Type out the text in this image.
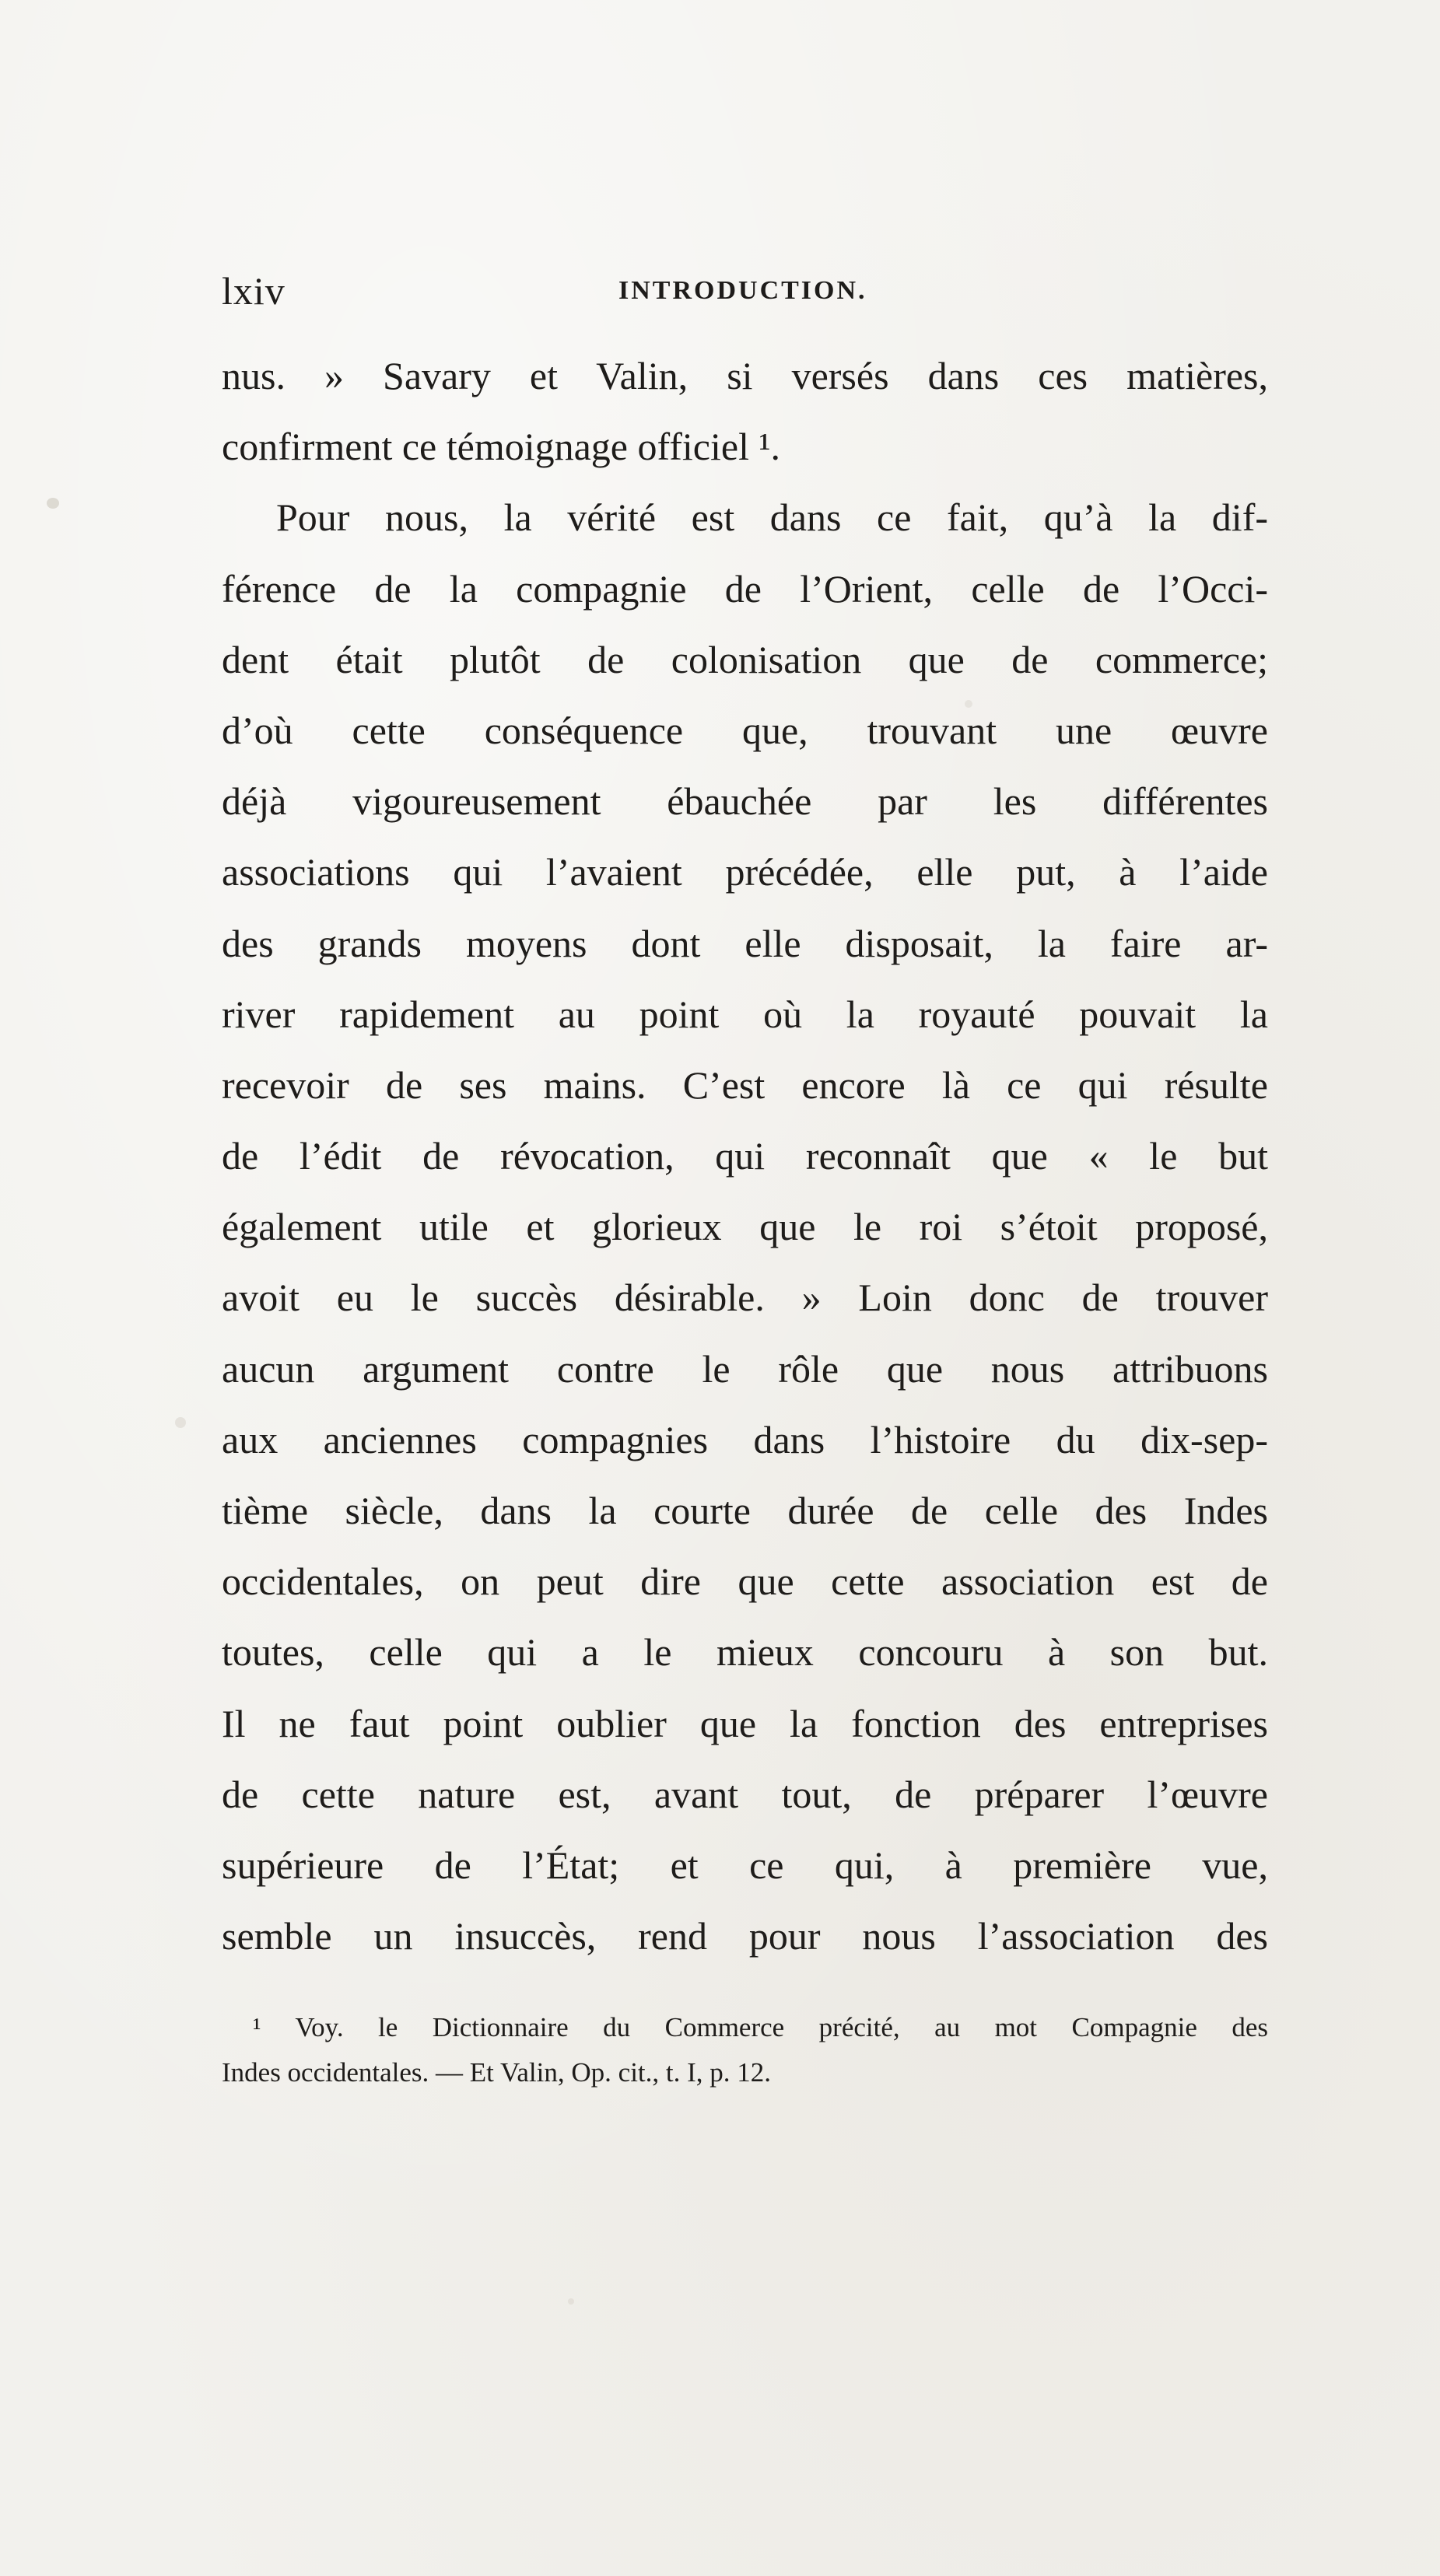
lxiv	INTRODUCTION.
nus. » Savary et Valin, si versés dans ces matières,
confirment ce témoignage officiel ¹.
Pour nous, la vérité est dans ce fait, qu’à la dif-
férence de la compagnie de l’Orient, celle de l’Occi-
dent était plutôt de colonisation que de commerce;
d’où cette conséquence que, trouvant une œuvre
déjà vigoureusement ébauchée par les différentes
associations qui l’avaient précédée, elle put, à l’aide
des grands moyens dont elle disposait, la faire ar-
river rapidement au point où la royauté pouvait la
recevoir de ses mains. C’est encore là ce qui résulte
de l’édit de révocation, qui reconnaît que « le but
également utile et glorieux que le roi s’étoit proposé,
avoit eu le succès désirable. » Loin donc de trouver
aucun argument contre le rôle que nous attribuons
aux anciennes compagnies dans l’histoire du dix-sep-
tième siècle, dans la courte durée de celle des Indes
occidentales, on peut dire que cette association est de
toutes, celle qui a le mieux concouru à son but.
Il ne faut point oublier que la fonction des entreprises
de cette nature est, avant tout, de préparer l’œuvre
supérieure de l’État; et ce qui, à première vue,
semble un insuccès, rend pour nous l’association des
¹ Voy. le Dictionnaire du Commerce précité, au mot Compagnie des
Indes occidentales. — Et Valin, Op. cit., t. I, p. 12.
